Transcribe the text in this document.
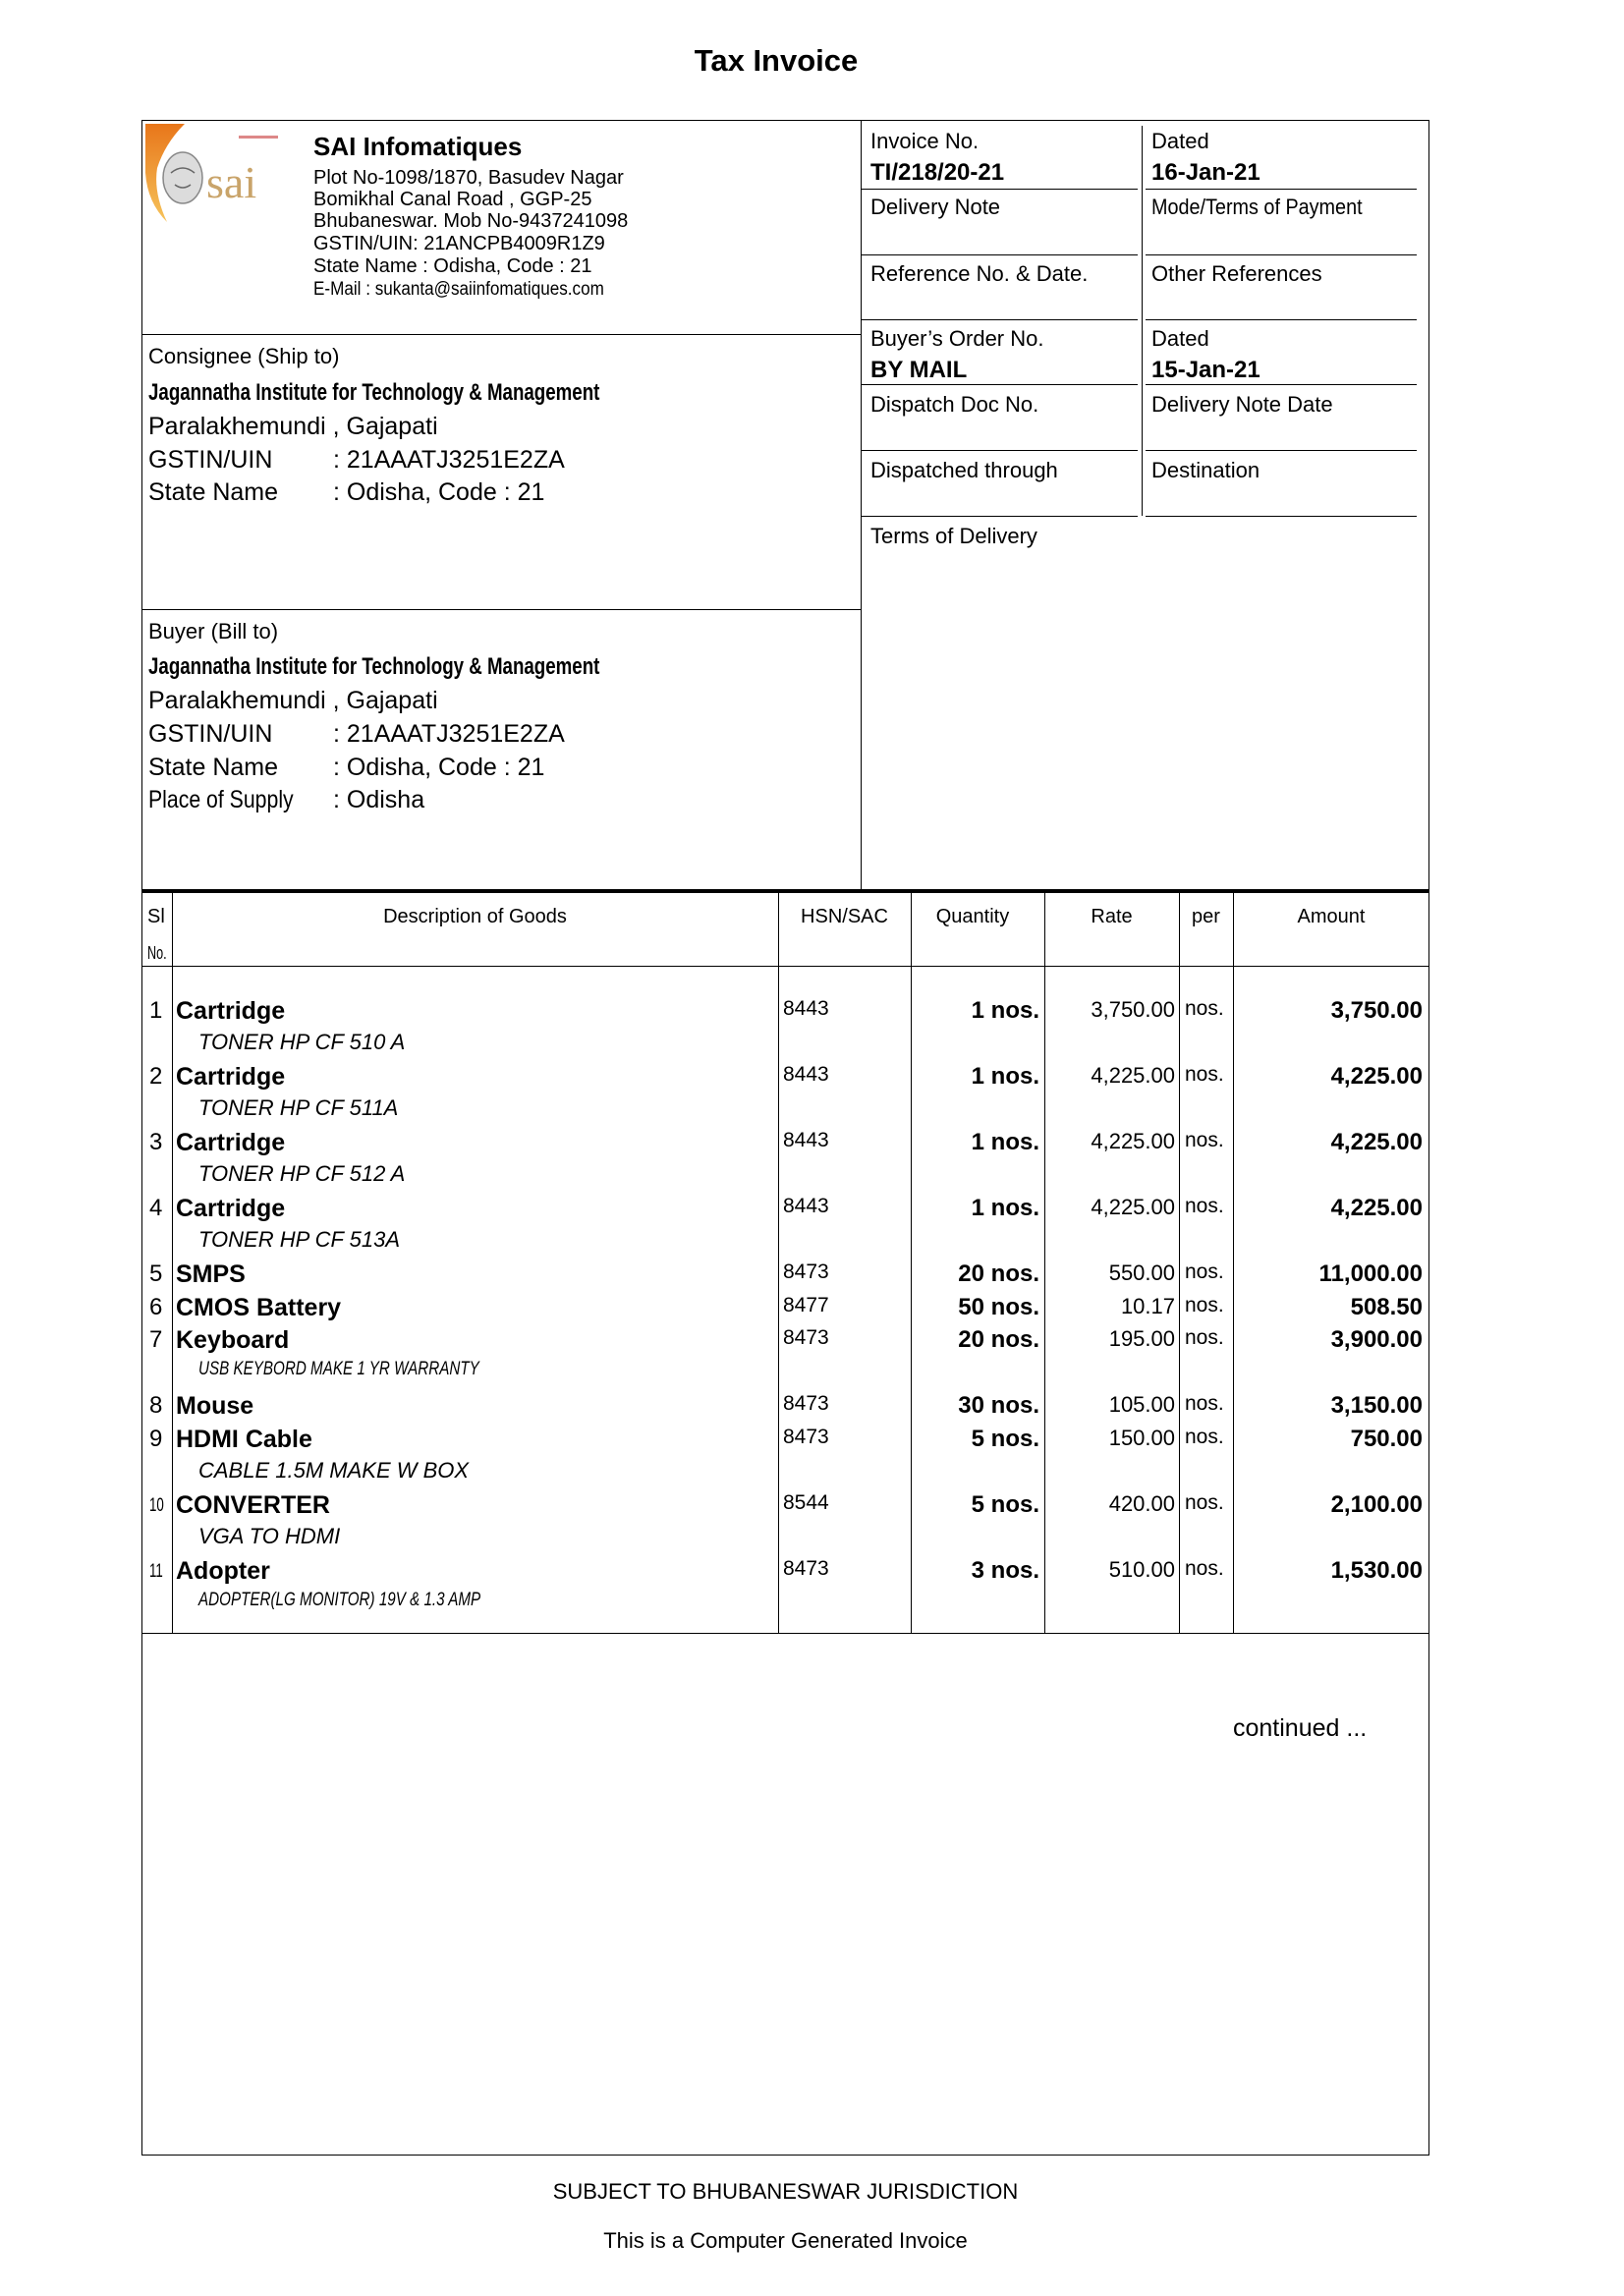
Tax Invoice
sai
SAI Infomatiques
Plot No-1098/1870, Basudev Nagar
Bomikhal Canal Road , GGP-25
Bhubaneswar. Mob No-9437241098
GSTIN/UIN: 21ANCPB4009R1Z9
State Name : Odisha, Code : 21
E-Mail : sukanta@saiinfomatiques.com
Consignee (Ship to)
Jagannatha Institute for Technology & Management
Paralakhemundi , Gajapati
GSTIN/UIN : 21AAATJ3251E2ZA
State Name : Odisha, Code : 21
Buyer (Bill to)
Jagannatha Institute for Technology & Management
Paralakhemundi , Gajapati
GSTIN/UIN : 21AAATJ3251E2ZA
State Name : Odisha, Code : 21
Place of Supply : Odisha
Invoice No.
TI/218/20-21
Dated
16-Jan-21
Delivery Note	Mode/Terms of Payment
Reference No. & Date.	Other References
Buyer’s Order No.
BY MAIL
Dated
15-Jan-21
Dispatch Doc No.	Delivery Note Date
Dispatched through	Destination
Terms of Delivery
Sl
No.
Description of Goods	HSN/SAC	Quantity	Rate	per	Amount
1 Cartridge	8443	1 nos.	3,750.00 nos.	3,750.00
TONER HP CF 510 A
2 Cartridge	8443	1 nos.	4,225.00 nos.	4,225.00
TONER HP CF 511A
3 Cartridge	8443	1 nos.	4,225.00 nos.	4,225.00
TONER HP CF 512 A
4 Cartridge	8443	1 nos.	4,225.00 nos.	4,225.00
TONER HP CF 513A
5 SMPS	8473	20 nos.	550.00 nos.	11,000.00
6 CMOS Battery	8477	50 nos.	10.17 nos.	508.50
7 Keyboard	8473	20 nos.	195.00 nos.	3,900.00
USB KEYBORD MAKE 1 YR WARRANTY
8 Mouse	8473	30 nos.	105.00 nos.	3,150.00
9 HDMI Cable	8473	5 nos.	150.00 nos.	750.00
CABLE 1.5M MAKE W BOX
10 CONVERTER	8544	5 nos.	420.00 nos.	2,100.00
VGA TO HDMI
11 Adopter	8473	3 nos.	510.00 nos.	1,530.00
ADOPTER(LG MONITOR) 19V & 1.3 AMP
continued ...
SUBJECT TO BHUBANESWAR JURISDICTION
This is a Computer Generated Invoice
